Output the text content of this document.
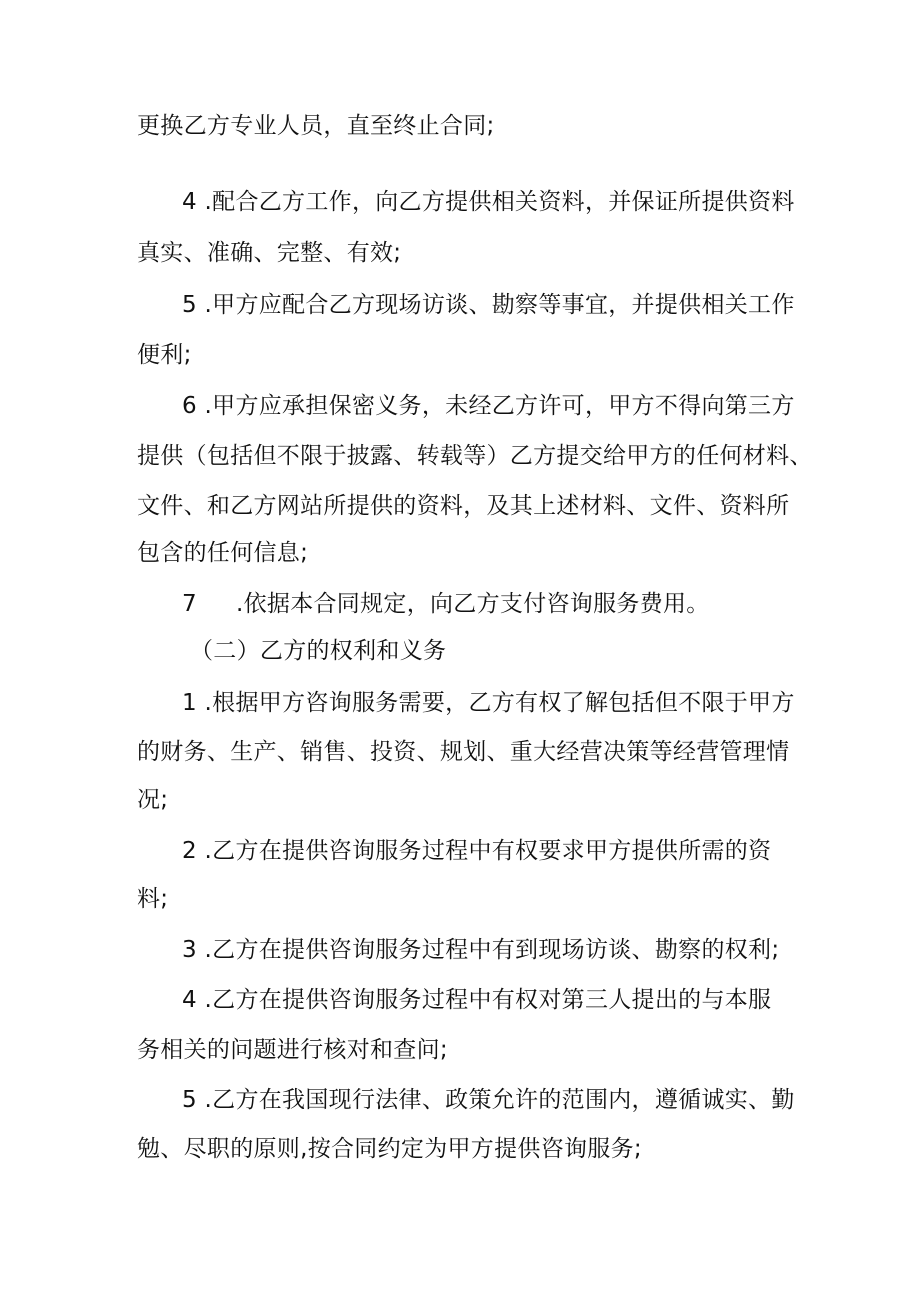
更换乙方专业人员，直至终止合同;
4 .配合乙方工作，向乙方提供相关资料，并保证所提供资料
真实、准确、完整、有效;
5 .甲方应配合乙方现场访谈、勘察等事宜，并提供相关工作
便利;
6 .甲方应承担保密义务，未经乙方许可，甲方不得向第三方
提供（包括但不限于披露、转载等）乙方提交给甲方的任何材料、
文件、和乙方网站所提供的资料，及其上述材料、文件、资料所
包含的任何信息;
7 .依据本合同规定，向乙方支付咨询服务费用。
（二）乙方的权利和义务
1 .根据甲方咨询服务需要，乙方有权了解包括但不限于甲方
的财务、生产、销售、投资、规划、重大经营决策等经营管理情
况;
2 .乙方在提供咨询服务过程中有权要求甲方提供所需的资
料;
3 .乙方在提供咨询服务过程中有到现场访谈、勘察的权利;
4 .乙方在提供咨询服务过程中有权对第三人提出的与本服
务相关的问题进行核对和查问;
5 .乙方在我国现行法律、政策允许的范围内，遵循诚实、勤
勉、尽职的原则,按合同约定为甲方提供咨询服务;
